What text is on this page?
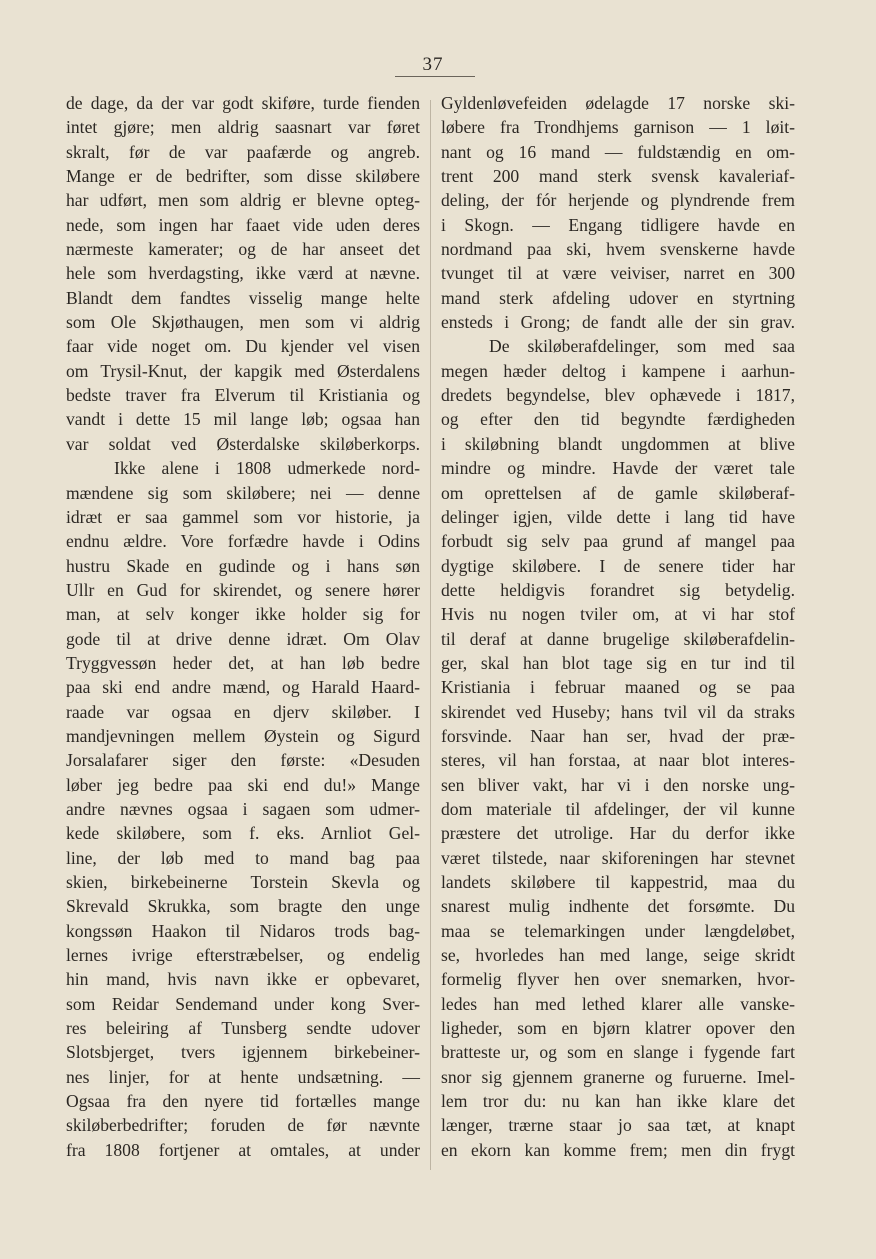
37
de dage, da der var godt skiføre, turde fienden
intet gjøre; men aldrig saasnart var føret
skralt, før de var paafærde og angreb.
Mange er de bedrifter, som disse skiløbere
har udført, men som aldrig er blevne opteg-
nede, som ingen har faaet vide uden deres
nærmeste kamerater; og de har anseet det
hele som hverdagsting, ikke værd at nævne.
Blandt dem fandtes visselig mange helte
som Ole Skjøthaugen, men som vi aldrig
faar vide noget om. Du kjender vel visen
om Trysil-Knut, der kapgik med Østerdalens
bedste traver fra Elverum til Kristiania og
vandt i dette 15 mil lange løb; ogsaa han
var soldat ved Østerdalske skiløberkorps.
Ikke alene i 1808 udmerkede nord-
mændene sig som skiløbere; nei — denne
idræt er saa gammel som vor historie, ja
endnu ældre. Vore forfædre havde i Odins
hustru Skade en gudinde og i hans søn
Ullr en Gud for skirendet, og senere hører
man, at selv konger ikke holder sig for
gode til at drive denne idræt. Om Olav
Tryggvessøn heder det, at han løb bedre
paa ski end andre mænd, og Harald Haard-
raade var ogsaa en djerv skiløber. I
mandjevningen mellem Øystein og Sigurd
Jorsalafarer siger den første: «Desuden
løber jeg bedre paa ski end du!» Mange
andre nævnes ogsaa i sagaen som udmer-
kede skiløbere, som f. eks. Arnliot Gel-
line, der løb med to mand bag paa
skien, birkebeinerne Torstein Skevla og
Skrevald Skrukka, som bragte den unge
kongssøn Haakon til Nidaros trods bag-
lernes ivrige efterstræbelser, og endelig
hin mand, hvis navn ikke er opbevaret,
som Reidar Sendemand under kong Sver-
res beleiring af Tunsberg sendte udover
Slotsbjerget, tvers igjennem birkebeiner-
nes linjer, for at hente undsætning. —
Ogsaa fra den nyere tid fortælles mange
skiløberbedrifter; foruden de før nævnte
fra 1808 fortjener at omtales, at under
Gyldenløvefeiden ødelagde 17 norske ski-
løbere fra Trondhjems garnison — 1 løit-
nant og 16 mand — fuldstændig en om-
trent 200 mand sterk svensk kavaleriaf-
deling, der fór herjende og plyndrende frem
i Skogn. — Engang tidligere havde en
nordmand paa ski, hvem svenskerne havde
tvunget til at være veiviser, narret en 300
mand sterk afdeling udover en styrtning
ensteds i Grong; de fandt alle der sin grav.
De skiløberafdelinger, som med saa
megen hæder deltog i kampene i aarhun-
dredets begyndelse, blev ophævede i 1817,
og efter den tid begyndte færdigheden
i skiløbning blandt ungdommen at blive
mindre og mindre. Havde der været tale
om oprettelsen af de gamle skiløberaf-
delinger igjen, vilde dette i lang tid have
forbudt sig selv paa grund af mangel paa
dygtige skiløbere. I de senere tider har
dette heldigvis forandret sig betydelig.
Hvis nu nogen tviler om, at vi har stof
til deraf at danne brugelige skiløberafdelin-
ger, skal han blot tage sig en tur ind til
Kristiania i februar maaned og se paa
skirendet ved Huseby; hans tvil vil da straks
forsvinde. Naar han ser, hvad der præ-
steres, vil han forstaa, at naar blot interes-
sen bliver vakt, har vi i den norske ung-
dom materiale til afdelinger, der vil kunne
præstere det utrolige. Har du derfor ikke
været tilstede, naar skiforeningen har stevnet
landets skiløbere til kappestrid, maa du
snarest mulig indhente det forsømte. Du
maa se telemarkingen under længdeløbet,
se, hvorledes han med lange, seige skridt
formelig flyver hen over snemarken, hvor-
ledes han med lethed klarer alle vanske-
ligheder, som en bjørn klatrer opover den
bratteste ur, og som en slange i fygende fart
snor sig gjennem granerne og furuerne. Imel-
lem tror du: nu kan han ikke klare det
længer, trærne staar jo saa tæt, at knapt
en ekorn kan komme frem; men din frygt
